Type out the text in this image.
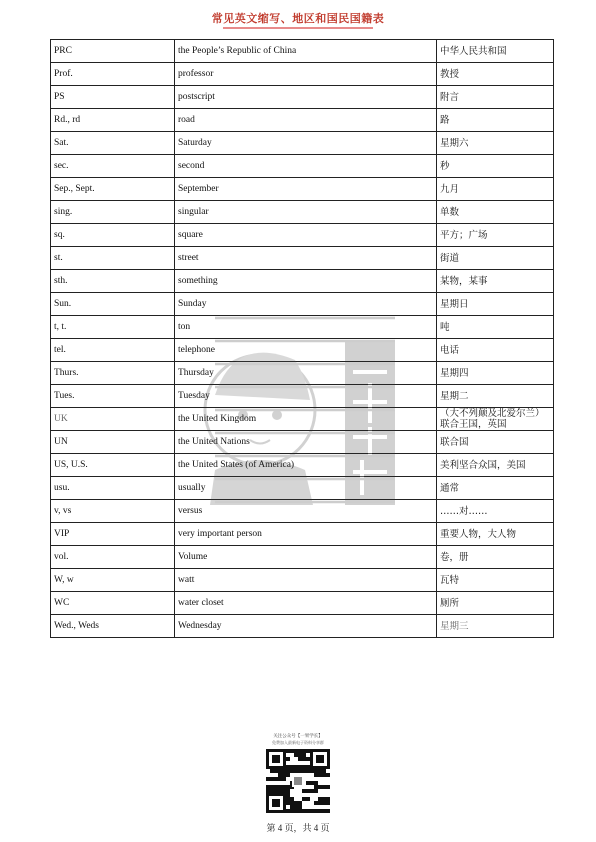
常见英文缩写、地区和国民国籍表
PRC	the People’s Republic of China	中华人民共和国
Prof.	professor	教授
PS	postscript	附言
Rd., rd	road	路
Sat.	Saturday	星期六
sec.	second	秒
Sep., Sept.	September	九月
sing.	singular	单数
sq.	square	平方；广场
st.	street	街道
sth.	something	某物，某事
Sun.	Sunday	星期日
t, t.	ton	吨
tel.	telephone	电话
Thurs.	Thursday	星期四
Tues.	Tuesday	星期二
UK	the United Kingdom	（大不列颠及北爱尔兰）联合王国，英国
UN	the United Nations	联合国
US, U.S.	the United States (of America)	美利坚合众国，美国
usu.	usually	通常
v, vs	versus	……对……
VIP	very important person	重要人物，大人物
vol.	Volume	卷，册
W, w	watt	瓦特
WC	water closet	厕所
Wed., Weds	Wednesday	星期三
关注公众号【一果学长】
免费加入最新电子资料分享群
第 4 页，共 4 页
